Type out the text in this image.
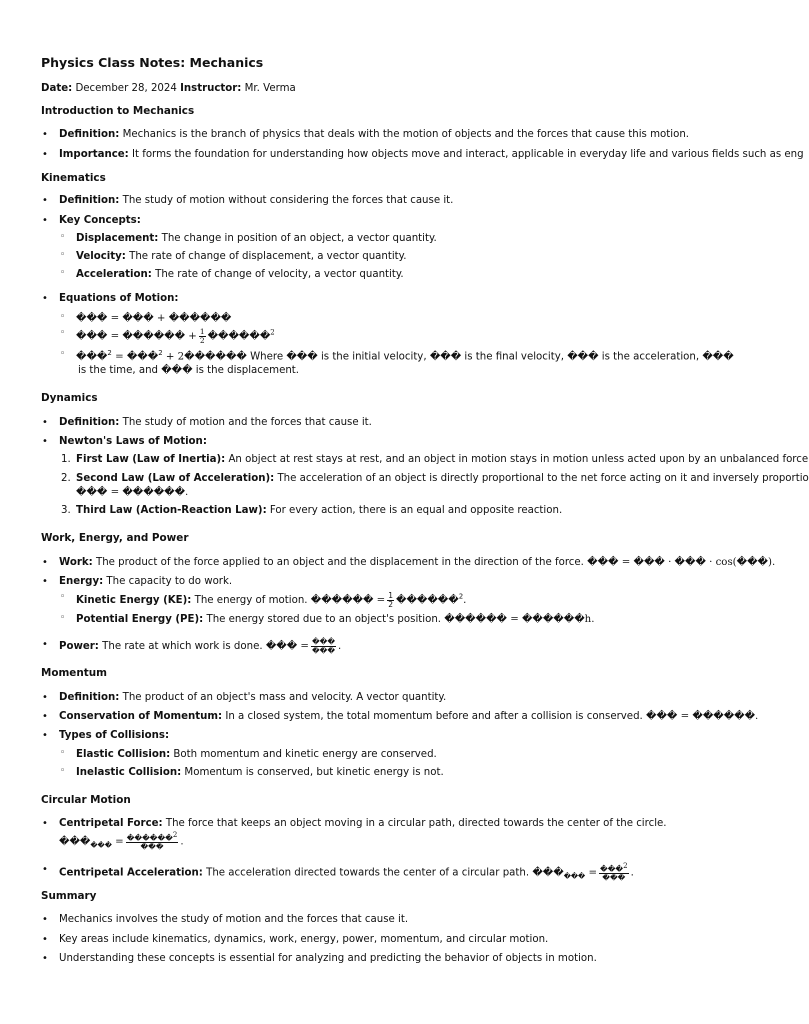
Physics Class Notes: Mechanics
Date: December 28, 2024 Instructor: Mr. Verma
Introduction to Mechanics
• Definition: Mechanics is the branch of physics that deals with the motion of objects and the forces that cause this motion.
• Importance: It forms the foundation for understanding how objects move and interact, applicable in everyday life and various fields such as eng
Kinematics
• Definition: The study of motion without considering the forces that cause it.
• Key Concepts:
◦ Displacement: The change in position of an object, a vector quantity.
◦ Velocity: The rate of change of displacement, a vector quantity.
◦ Acceleration: The rate of change of velocity, a vector quantity.
• Equations of Motion:
◦ ��� = ��� + ������
◦ ��� = ������ + $\frac{1}{2}$ ������$^2$
◦ ���$^2$ = ���$^2$ + 2������ Where ��� is the initial velocity, ��� is the final velocity, ��� is the acceleration, ���
is the time, and ��� is the displacement.
Dynamics
• Definition: The study of motion and the forces that cause it.
• Newton's Laws of Motion:
1. First Law (Law of Inertia): An object at rest stays at rest, and an object in motion stays in motion unless acted upon by an unbalanced force
2. Second Law (Law of Acceleration): The acceleration of an object is directly proportional to the net force acting on it and inversely proportio
��� = ������.
3. Third Law (Action-Reaction Law): For every action, there is an equal and opposite reaction.
Work, Energy, and Power
• Work: The product of the force applied to an object and the displacement in the direction of the force. ��� = ��� · ��� · cos(���).
• Energy: The capacity to do work.
◦ Kinetic Energy (KE): The energy of motion. ������ = $\frac{1}{2}$ ������$^2$.
◦ Potential Energy (PE): The energy stored due to an object's position. ������ = ������h.
• Power: The rate at which work is done. ��� = $\frac{���}{���}$ .
Momentum
• Definition: The product of an object's mass and velocity. A vector quantity.
• Conservation of Momentum: In a closed system, the total momentum before and after a collision is conserved. ��� = ������.
• Types of Collisions:
◦ Elastic Collision: Both momentum and kinetic energy are conserved.
◦ Inelastic Collision: Momentum is conserved, but kinetic energy is not.
Circular Motion
• Centripetal Force: The force that keeps an object moving in a circular path, directed towards the center of the circle.
$���_{���} = \frac{������2}{���}$ .
• Centripetal Acceleration: The acceleration directed towards the center of a circular path. $���_{���} = \frac{���2}{���}$ .
Summary
• Mechanics involves the study of motion and the forces that cause it.
• Key areas include kinematics, dynamics, work, energy, power, momentum, and circular motion.
• Understanding these concepts is essential for analyzing and predicting the behavior of objects in motion.
